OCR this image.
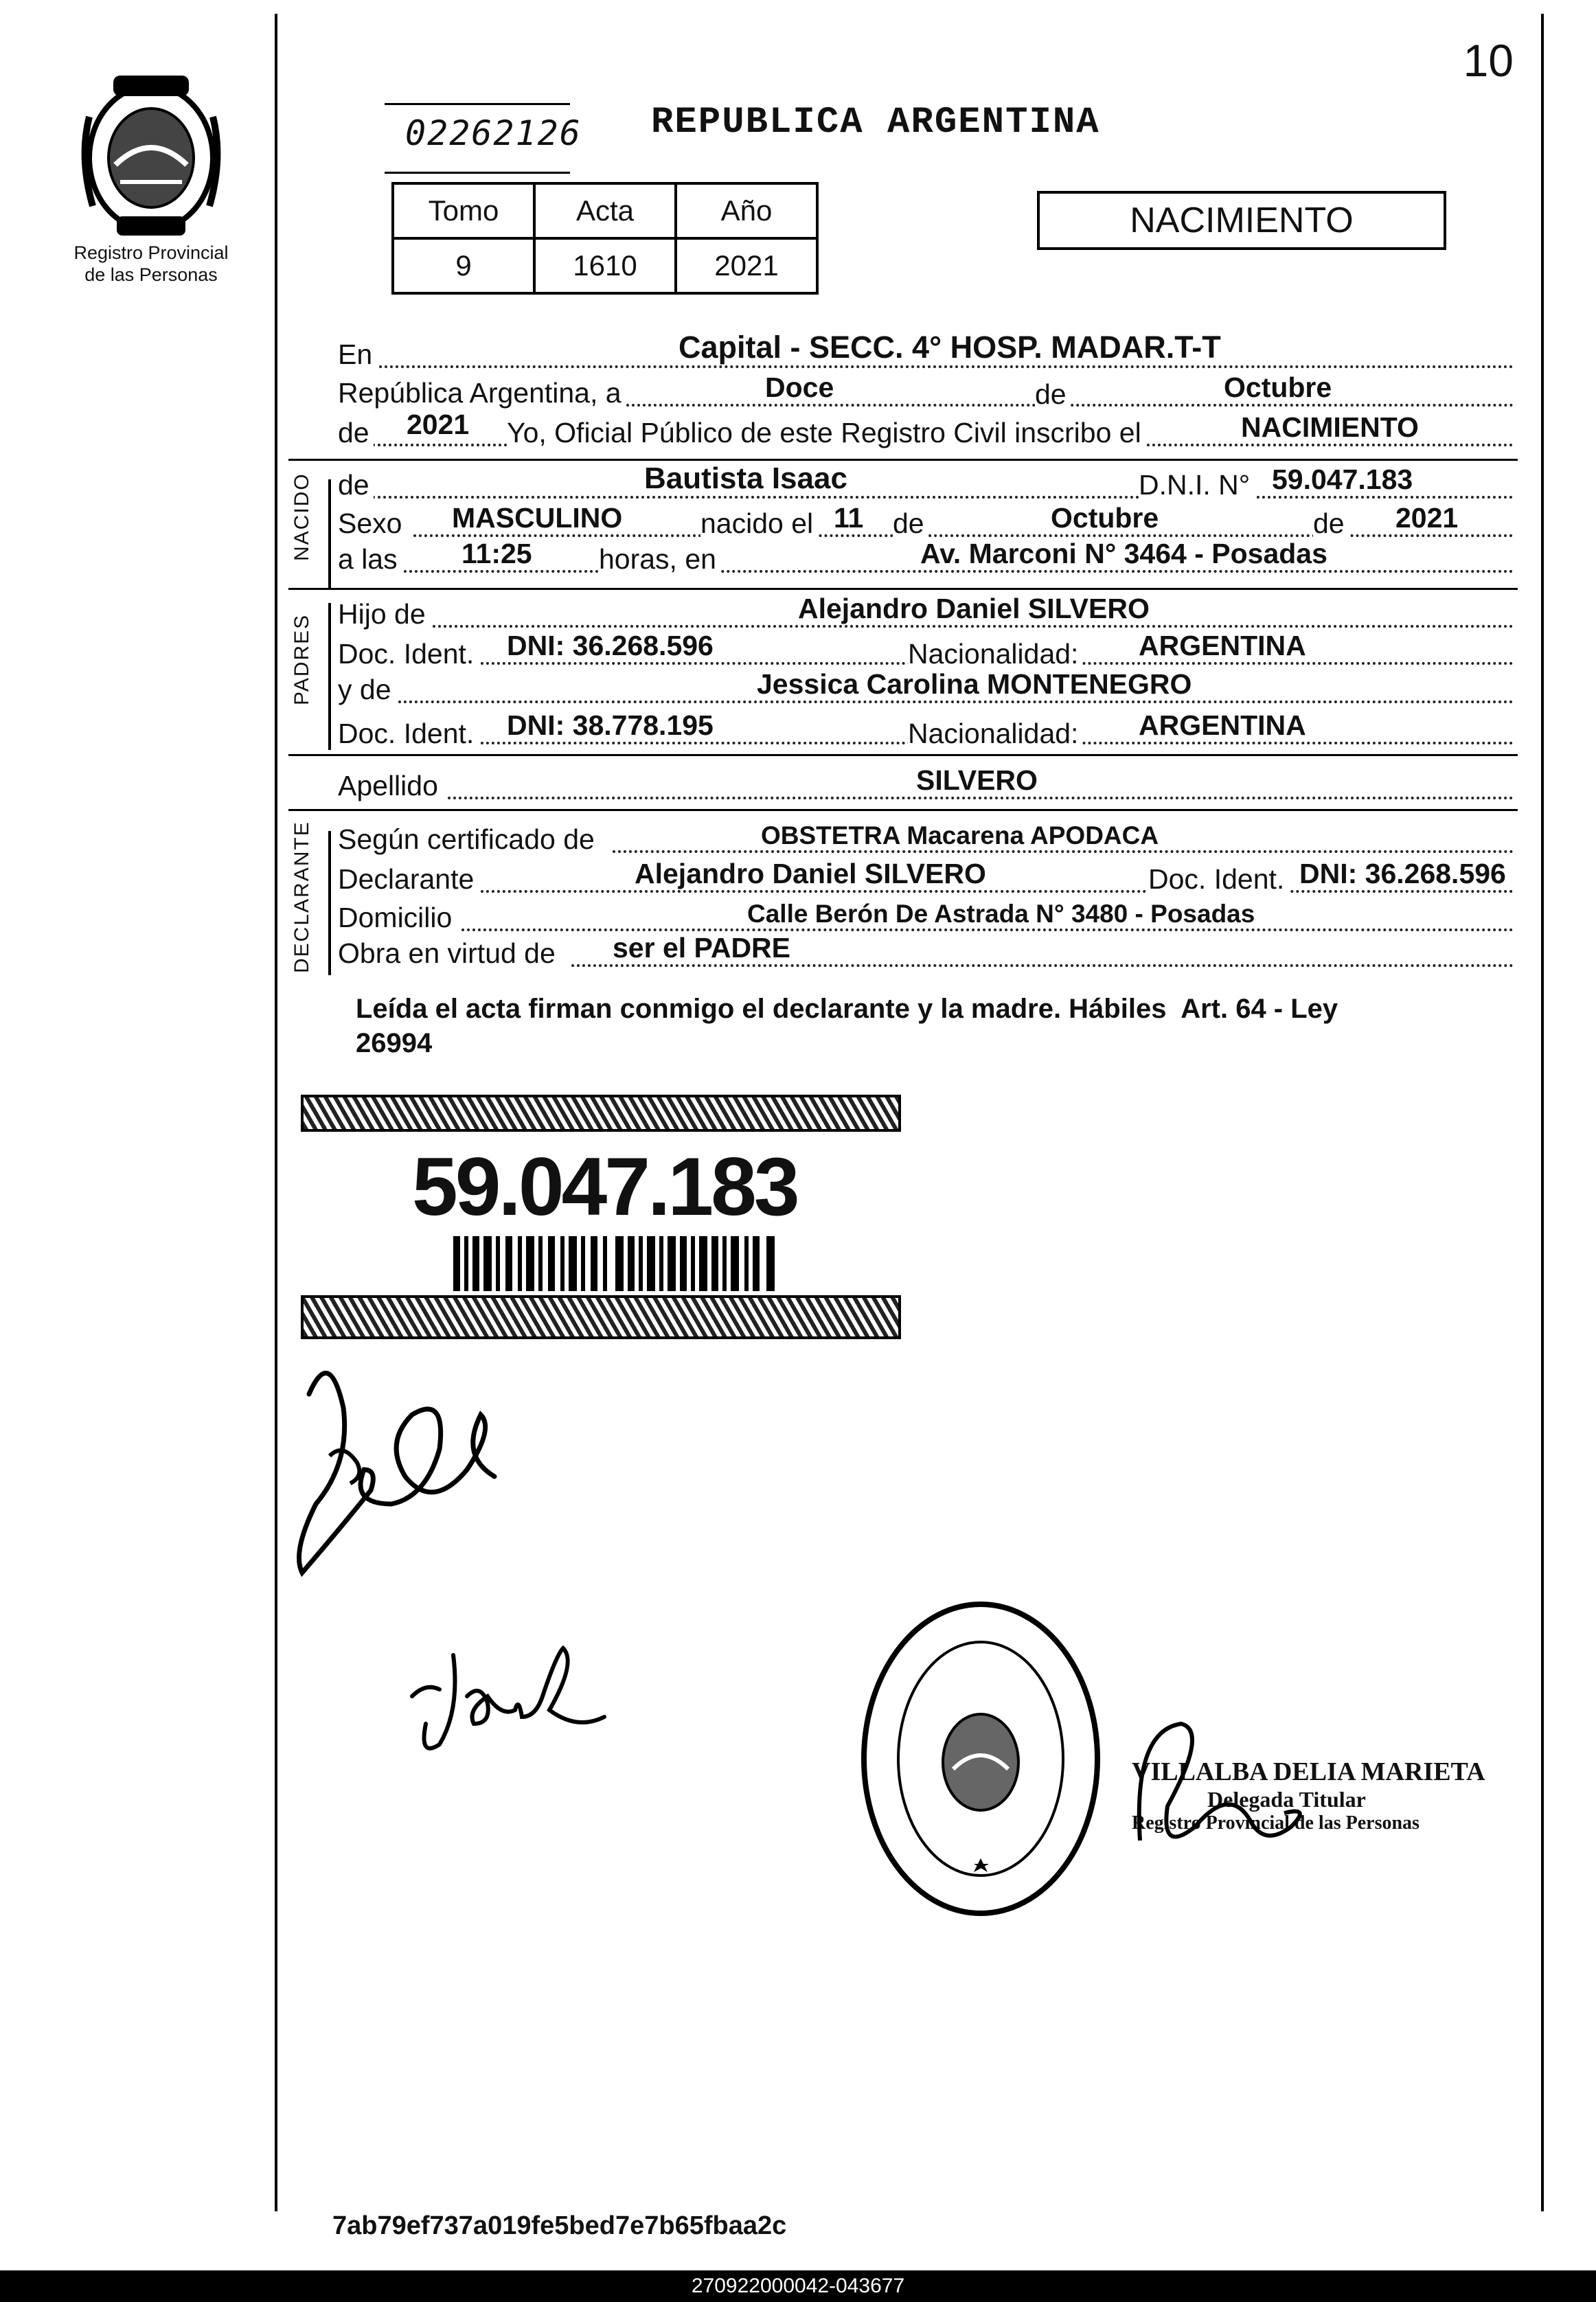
10
Registro Provincial
de las Personas
02262126 REPUBLICA ARGENTINA
Tomo	Acta	Año
9	1610	2021
NACIMIENTO
En	Capital - SECC. 4° HOSP. MADAR.T-T
República Argentina, a	Doce	de	Octubre
de 2021 Yo, Oficial Público de este Registro Civil inscribo el	NACIMIENTO
NACIDO de	Bautista Isaac	D.N.I. N° 59.047.183
Sexo MASCULINO	nacido el 11 de	Octubre	de 2021
a las 11:25 horas, en	Av. Marconi N° 3464 - Posadas
PADRES Hijo de	Alejandro Daniel SILVERO
Doc. Ident. DNI: 36.268.596	Nacionalidad: ARGENTINA
y de	Jessica Carolina MONTENEGRO
Doc. Ident. DNI: 38.778.195	Nacionalidad: ARGENTINA
Apellido	SILVERO
DECLARANTE Según certificado de	OBSTETRA Macarena APODACA
Declarante	Alejandro Daniel SILVERO	Doc. Ident. DNI: 36.268.596
Domicilio	Calle Berón De Astrada N° 3480 - Posadas
Obra en virtud de ser el PADRE
Leída el acta firman conmigo el declarante y la madre. Hábiles  Art. 64 - Ley
26994
59.047.183
VILLALBA DELIA MARIETA
Delegada Titular
Registro Provincial de las Personas
7ab79ef737a019fe5bed7e7b65fbaa2c
270922000042-043677
